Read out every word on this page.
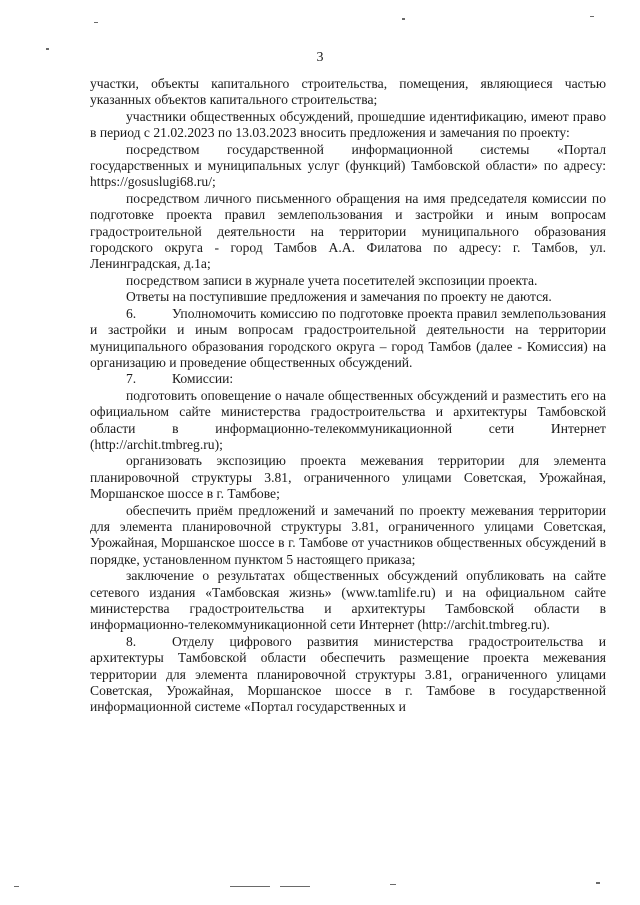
3

участки, объекты капитального строительства, помещения, являющиеся частью указанных объектов капитального строительства;

участники общественных обсуждений, прошедшие идентификацию, имеют право в период с 21.02.2023 по 13.03.2023 вносить предложения и замечания по проекту:

посредством государственной информационной системы «Портал государственных и муниципальных услуг (функций) Тамбовской области» по адресу: https://gosuslugi68.ru/;

посредством личного письменного обращения на имя председателя комиссии по подготовке проекта правил землепользования и застройки и иным вопросам градостроительной деятельности на территории муниципального образования городского округа - город Тамбов А.А. Филатова по адресу: г. Тамбов, ул. Ленинградская, д.1а;

посредством записи в журнале учета посетителей экспозиции проекта.

Ответы на поступившие предложения и замечания по проекту не даются.

6.	Уполномочить комиссию по подготовке проекта правил землепользования и застройки и иным вопросам градостроительной деятельности на территории муниципального образования городского округа – город Тамбов (далее - Комиссия) на организацию и проведение общественных обсуждений.

7.	Комиссии:

подготовить оповещение о начале общественных обсуждений и разместить его на официальном сайте министерства градостроительства и архитектуры Тамбовской области в информационно-телекоммуникационной сети Интернет (http://archit.tmbreg.ru);

организовать экспозицию проекта межевания территории для элемента планировочной структуры 3.81, ограниченного улицами Советская, Урожайная, Моршанское шоссе в г. Тамбове;

обеспечить приём предложений и замечаний по проекту межевания территории для элемента планировочной структуры 3.81, ограниченного улицами Советская, Урожайная, Моршанское шоссе в г. Тамбове от участников общественных обсуждений в порядке, установленном пунктом 5 настоящего приказа;

заключение о результатах общественных обсуждений опубликовать на сайте сетевого издания «Тамбовская жизнь» (www.tamlife.ru) и на официальном сайте министерства градостроительства и архитектуры Тамбовской области в информационно-телекоммуникационной сети Интернет (http://archit.tmbreg.ru).

8.	Отделу цифрового развития министерства градостроительства и архитектуры Тамбовской области обеспечить размещение проекта межевания территории для элемента планировочной структуры 3.81, ограниченного улицами Советская, Урожайная, Моршанское шоссе в г. Тамбове в государственной информационной системе «Портал государственных и
